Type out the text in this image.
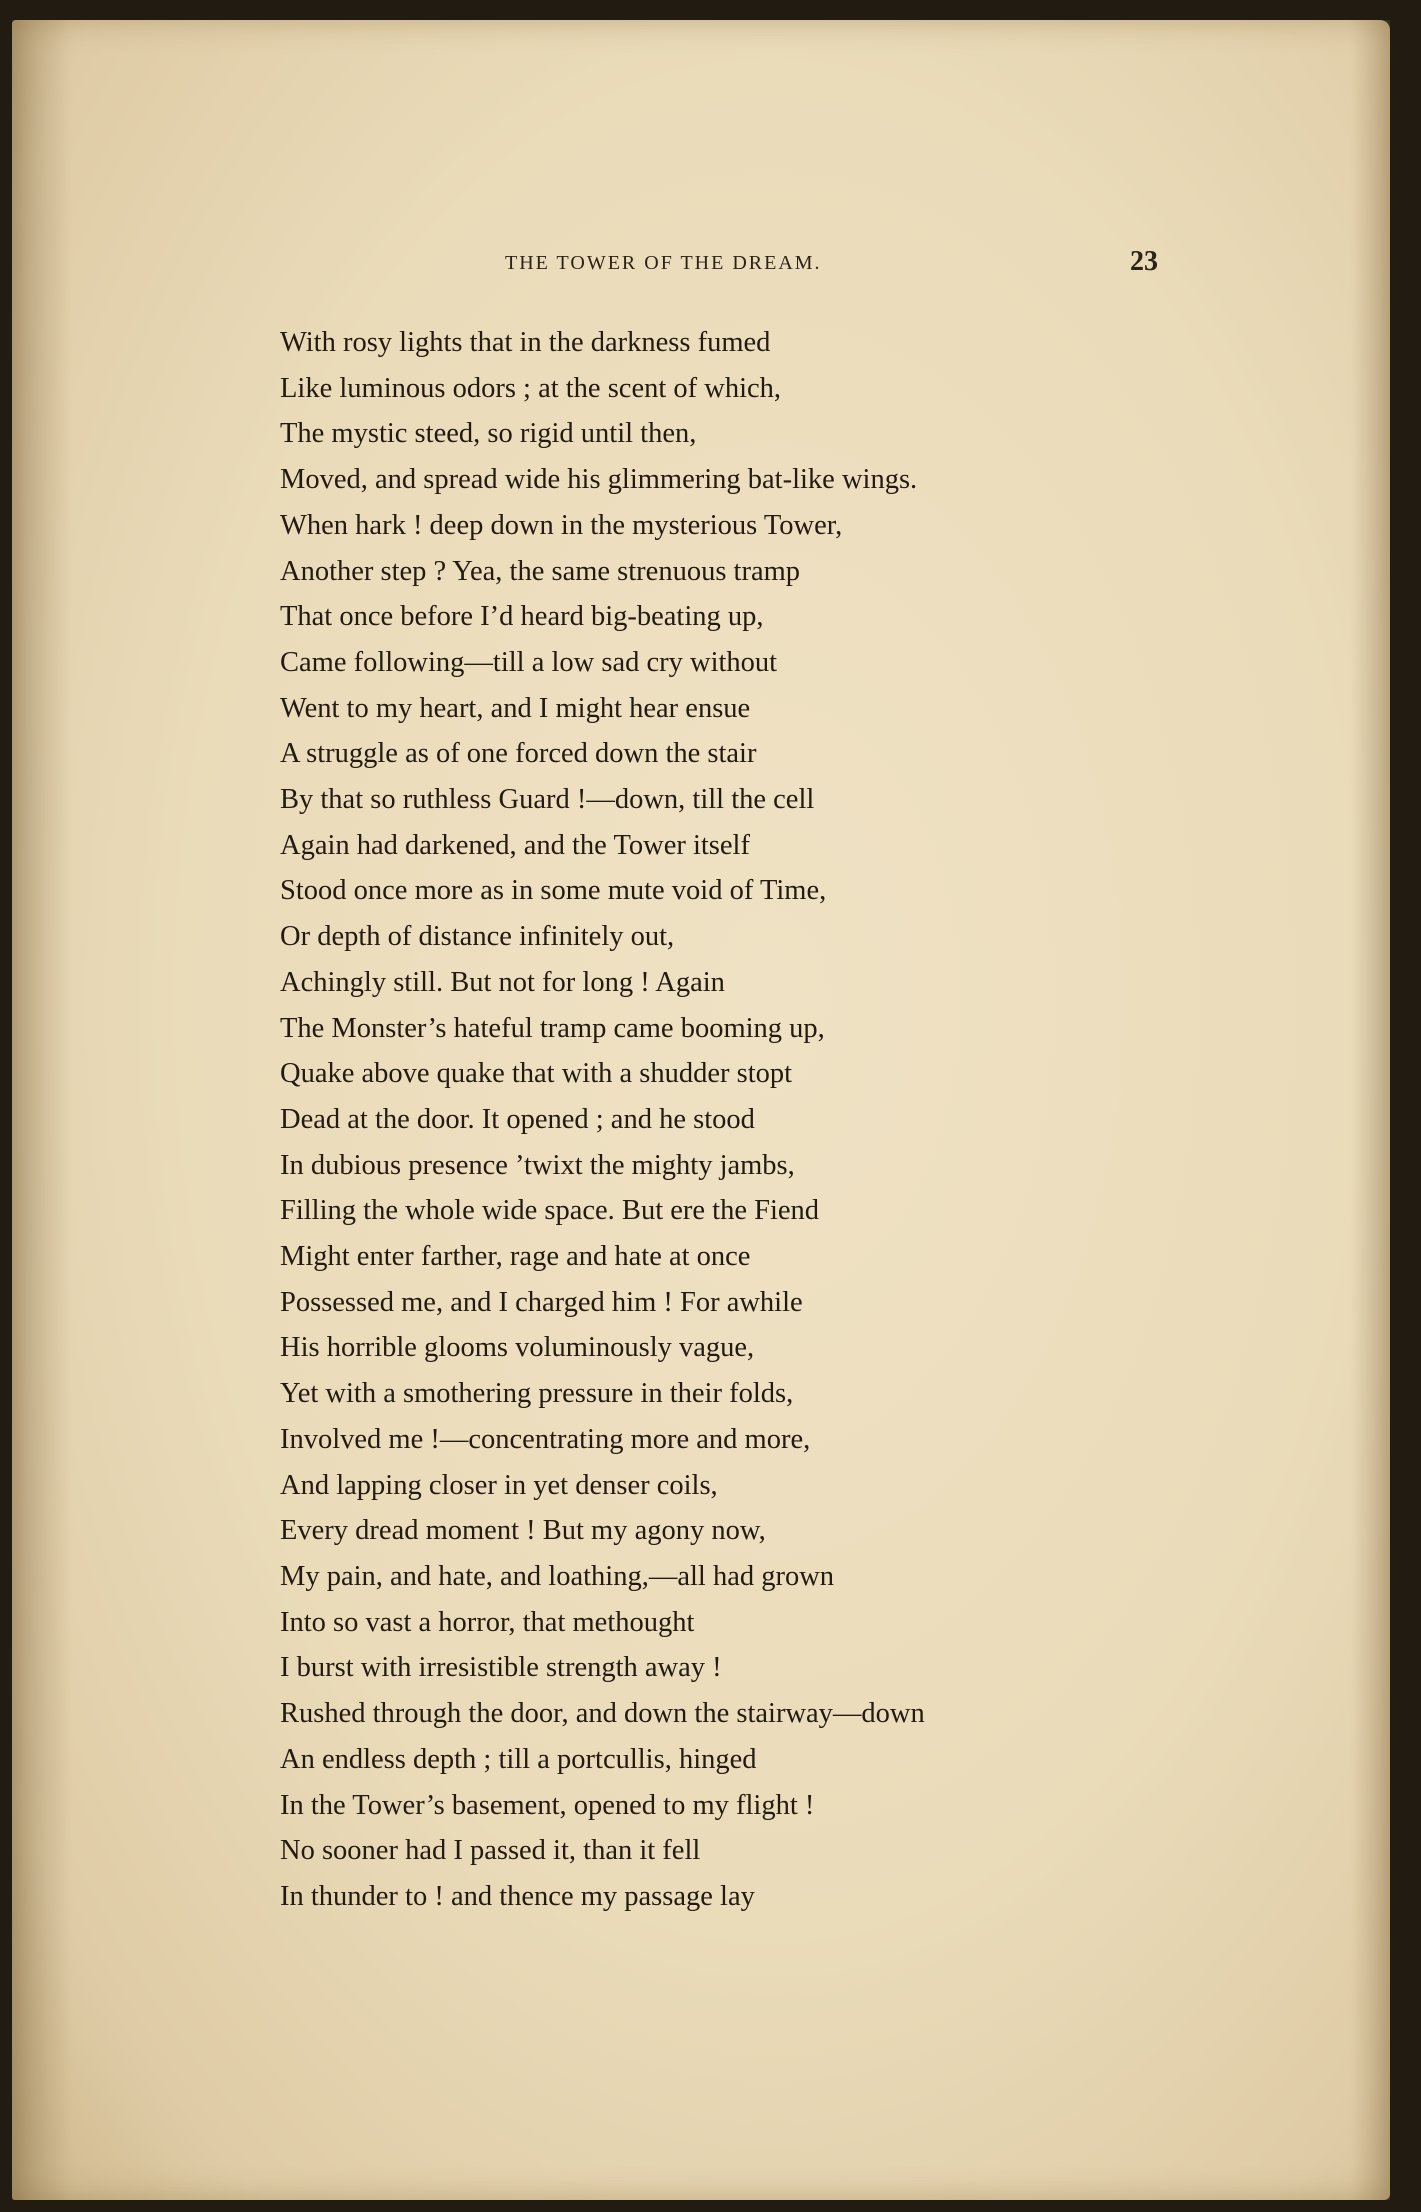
THE TOWER OF THE DREAM.	23
With rosy lights that in the darkness fumed
Like luminous odors ; at the scent of which,
The mystic steed, so rigid until then,
Moved, and spread wide his glimmering bat-like wings.
When hark ! deep down in the mysterious Tower,
Another step ? Yea, the same strenuous tramp
That once before I’d heard big-beating up,
Came following—till a low sad cry without
Went to my heart, and I might hear ensue
A struggle as of one forced down the stair
By that so ruthless Guard !—down, till the cell
Again had darkened, and the Tower itself
Stood once more as in some mute void of Time,
Or depth of distance infinitely out,
Achingly still. But not for long ! Again
The Monster’s hateful tramp came booming up,
Quake above quake that with a shudder stopt
Dead at the door. It opened ; and he stood
In dubious presence ’twixt the mighty jambs,
Filling the whole wide space. But ere the Fiend
Might enter farther, rage and hate at once
Possessed me, and I charged him ! For awhile
His horrible glooms voluminously vague,
Yet with a smothering pressure in their folds,
Involved me !—concentrating more and more,
And lapping closer in yet denser coils,
Every dread moment ! But my agony now,
My pain, and hate, and loathing,—all had grown
Into so vast a horror, that methought
I burst with irresistible strength away !
Rushed through the door, and down the stairway—down
An endless depth ; till a portcullis, hinged
In the Tower’s basement, opened to my flight !
No sooner had I passed it, than it fell
In thunder to ! and thence my passage lay
